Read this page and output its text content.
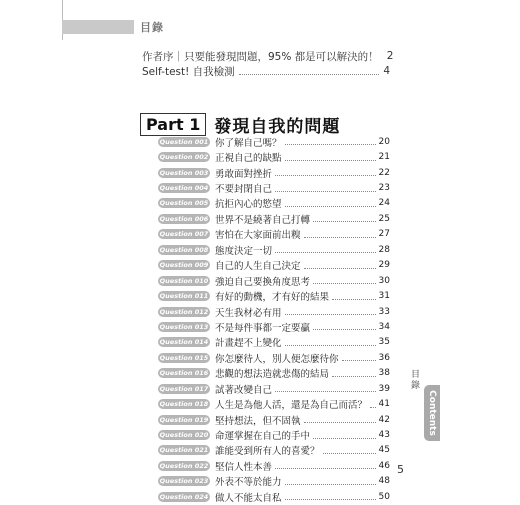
目錄
作者序｜只要能發現問題，95% 都是可以解決的！ 2
Self-test! 自我檢測	4
Part 1 發現自我的問題
Question 001 你了解自己嗎？	20
Question 002 正視自己的缺點	21
Question 003 勇敢面對挫折	22
Question 004 不要封閉自己	23
Question 005 抗拒內心的慾望	24
Question 006 世界不是繞著自己打轉	25
Question 007 害怕在大家面前出糗	27
Question 008 態度決定一切	28
Question 009 自己的人生自己決定	29
Question 010 強迫自己要換角度思考	30
Question 011 有好的動機，才有好的結果	31
Question 012 天生我材必有用	33
Question 013 不是每件事都一定要贏	34
Question 014 計畫趕不上變化	35
Question 015 你怎麼待人，別人便怎麼待你	36
Question 016 悲觀的想法造就悲傷的結局	38
Question 017 試著改變自己	39
Question 018 人生是為他人活，還是為自己而活？ 41
Question 019 堅持想法，但不固執	42
Question 020 命運掌握在自己的手中	43
Question 021 誰能受到所有人的喜愛？	45
Question 022 堅信人性本善	46
Question 023 外表不等於能力	48
Question 024 做人不能太自私	50
目錄
Contents
5
